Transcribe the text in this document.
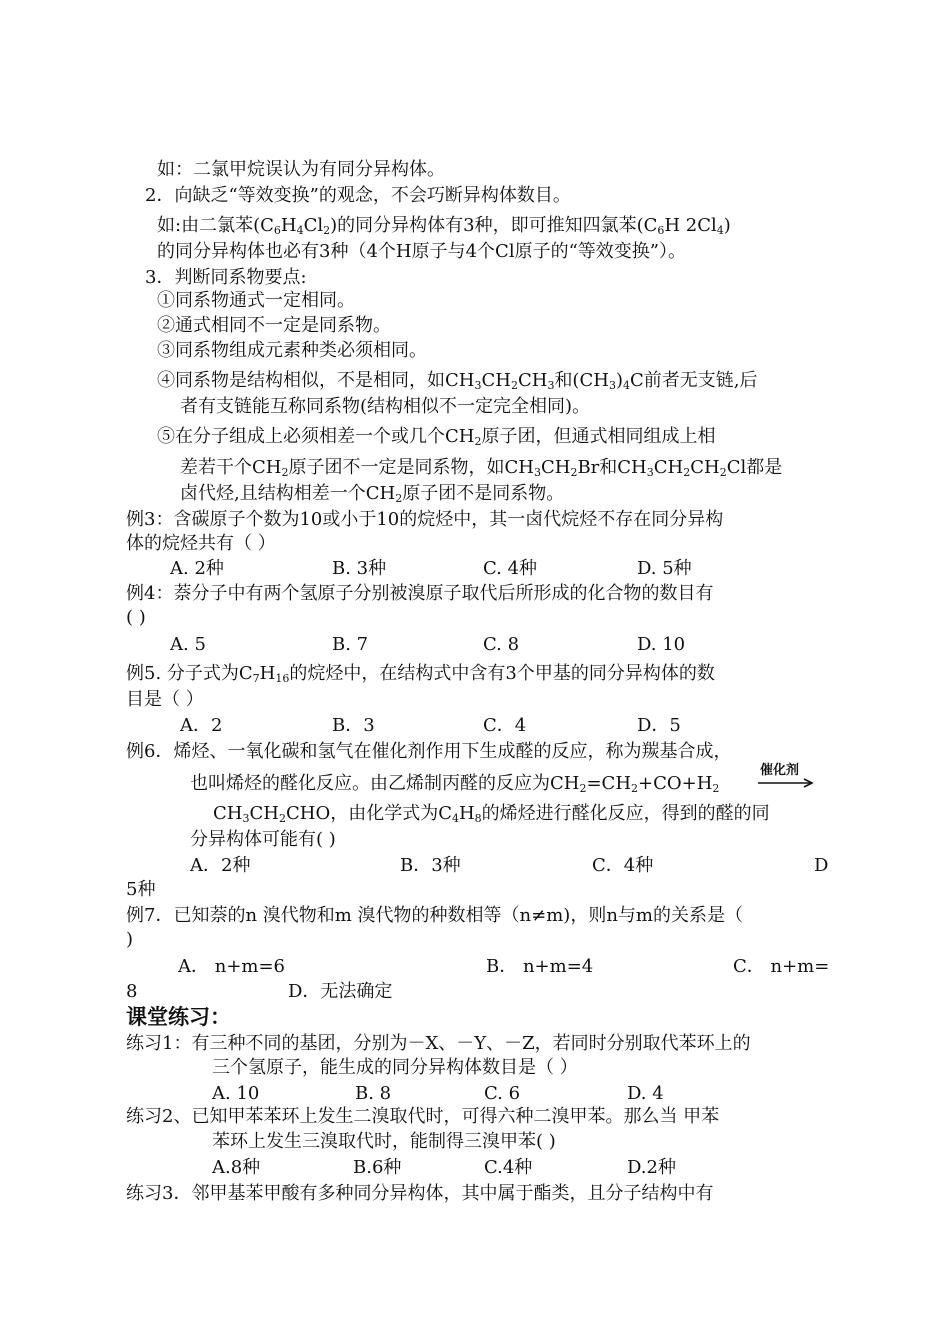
如：二氯甲烷误认为有同分异构体。
2．向缺乏“等效变换”的观念，不会巧断异构体数目。
如:由二氯苯$(C_6H_4Cl_2)$的同分异构体有3种，即可推知四氯苯($C_6H$ $2Cl_4$)
的同分异构体也必有3种（4个H原子与4个Cl原子的“等效变换”）。
3．判断同系物要点:
①同系物通式一定相同。
②通式相同不一定是同系物。
③同系物组成元素种类必须相同。
④同系物是结构相似，不是相同，如$CH_3CH_2CH_3$和$(CH_3)_4C$前者无支链,后
者有支链能互称同系物(结构相似不一定完全相同)。
⑤在分子组成上必须相差一个或几个$CH_2$原子团，但通式相同组成上相
差若干个$CH_2$原子团不一定是同系物，如$CH_3CH_2Br$和$CH_3CH_2CH_2Cl$都是
卤代烃,且结构相差一个$CH_2$原子团不是同系物。
例3：含碳原子个数为10或小于10的烷烃中，其一卤代烷烃不存在同分异构
体的烷烃共有（ ）
A. 2种	B. 3种	C. 4种	D. 5种
例4：萘分子中有两个氢原子分别被溴原子取代后所形成的化合物的数目有
( )
A. 5	B. 7	C. 8	D. 10
例5. 分子式为$C_7H_{16}$的烷烃中，在结构式中含有3个甲基的同分异构体的数
目是（ ）
A．2	B．3	C．4	D．5
例6．烯烃、一氧化碳和氢气在催化剂作用下生成醛的反应，称为羰基合成，
也叫烯烃的醛化反应。由乙烯制丙醛的反应为$CH_2=CH_2+CO+H_2$
催化剂
$CH_3CH_2CHO$，由化学式为$C_4H_8$的烯烃进行醛化反应，得到的醛的同
分异构体可能有( )
A．2种	B．3种	C．4种	D
5种
例7．已知萘的n 溴代物和m 溴代物的种数相等（n≠m)，则n与m的关系是（
)
A． n+m=6	B． n+m=4	C． n+m=
8	D．无法确定
课堂练习：
练习1：有三种不同的基团，分别为－X、－Y、－Z，若同时分别取代苯环上的
三个氢原子，能生成的同分异构体数目是（ ）
A. 10	B. 8	C. 6	D. 4
练习2、已知甲苯苯环上发生二溴取代时，可得六种二溴甲苯。那么当 甲苯
苯环上发生三溴取代时，能制得三溴甲苯( )
A.8种	B.6种	C.4种	D.2种
练习3．邻甲基苯甲酸有多种同分异构体，其中属于酯类，且分子结构中有
